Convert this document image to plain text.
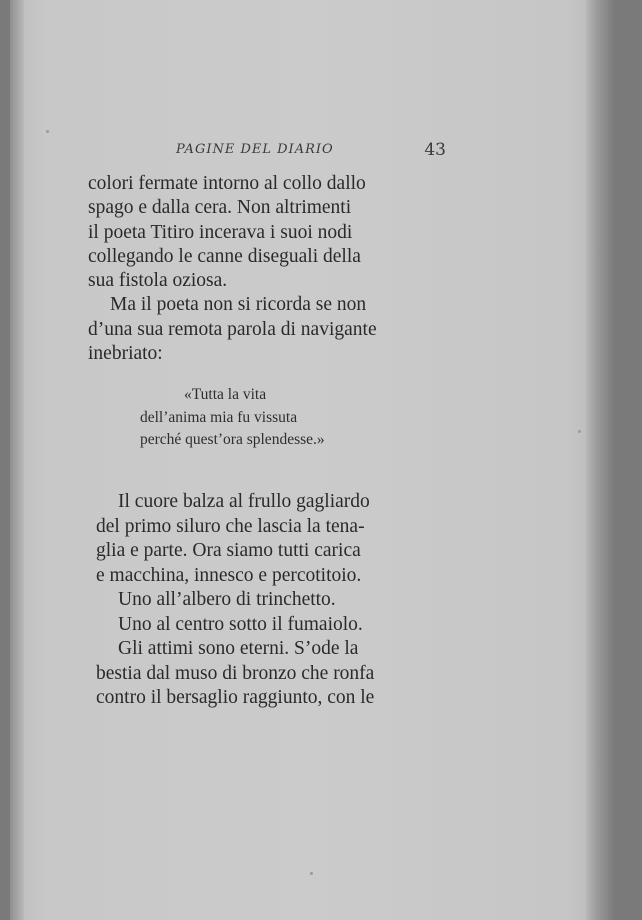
PAGINE DEL DIARIO	43
colori fermate intorno al collo dallo
spago e dalla cera. Non altrimenti
il poeta Titiro incerava i suoi nodi
collegando le canne diseguali della
sua fistola oziosa.
Ma il poeta non si ricorda se non
d’una sua remota parola di navigante
inebriato:
«Tutta la vita
dell’anima mia fu vissuta
perché quest’ora splendesse.»
Il cuore balza al frullo gagliardo
del primo siluro che lascia la tena-
glia e parte. Ora siamo tutti carica
e macchina, innesco e percotitoio.
Uno all’albero di trinchetto.
Uno al centro sotto il fumaiolo.
Gli attimi sono eterni. S’ode la
bestia dal muso di bronzo che ronfa
contro il bersaglio raggiunto, con le
